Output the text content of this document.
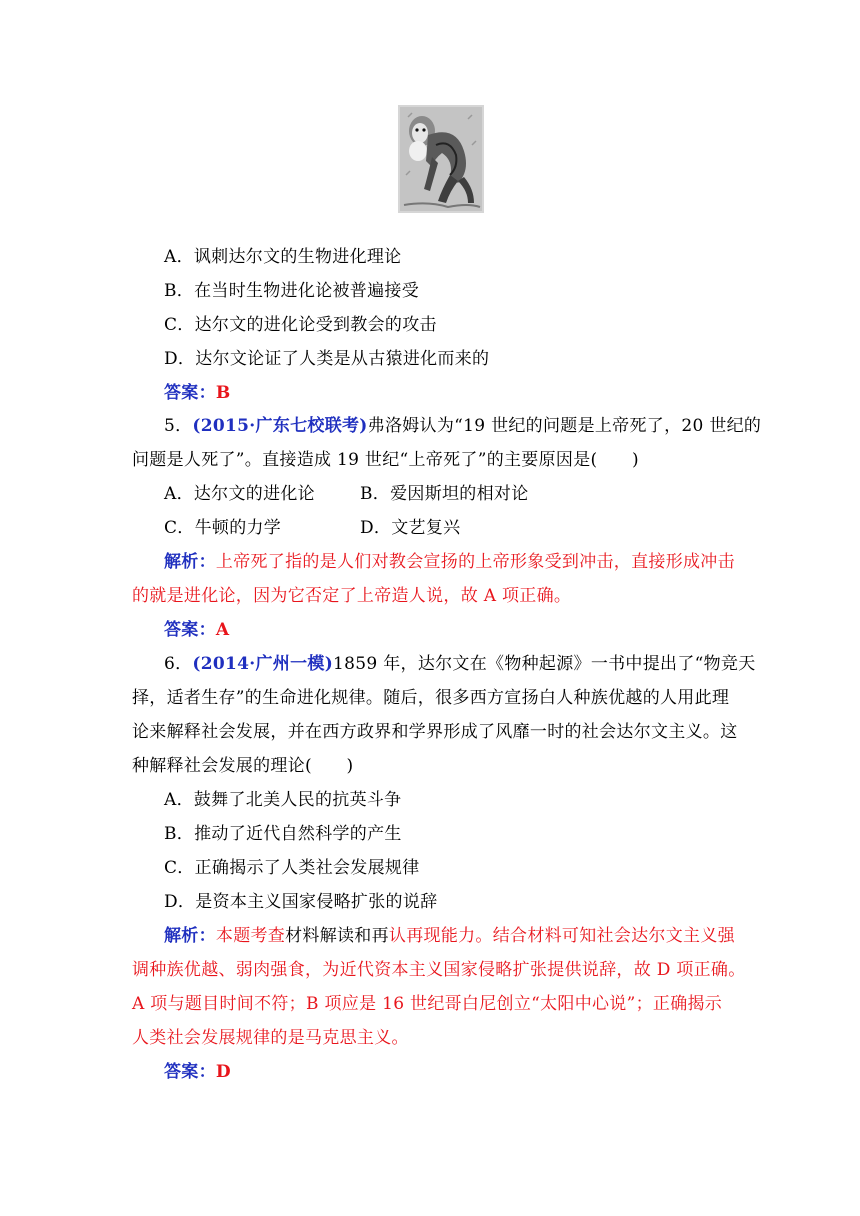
A．讽刺达尔文的生物进化理论
B．在当时生物进化论被普遍接受
C．达尔文的进化论受到教会的攻击
D．达尔文论证了人类是从古猿进化而来的
答案：B
5．(2015·广东七校联考)弗洛姆认为“19 世纪的问题是上帝死了，20 世纪的
问题是人死了”。直接造成 19 世纪“上帝死了”的主要原因是(　　)
A．达尔文的进化论	B．爱因斯坦的相对论
C．牛顿的力学	D．文艺复兴
解析：上帝死了指的是人们对教会宣扬的上帝形象受到冲击，直接形成冲击
的就是进化论，因为它否定了上帝造人说，故 A 项正确。
答案：A
6．(2014·广州一模)1859 年，达尔文在《物种起源》一书中提出了“物竞天
择，适者生存”的生命进化规律。随后，很多西方宣扬白人种族优越的人用此理
论来解释社会发展，并在西方政界和学界形成了风靡一时的社会达尔文主义。这
种解释社会发展的理论(　　)
A．鼓舞了北美人民的抗英斗争
B．推动了近代自然科学的产生
C．正确揭示了人类社会发展规律
D．是资本主义国家侵略扩张的说辞
解析：本题考查材料解读和再认再现能力。结合材料可知社会达尔文主义强
调种族优越、弱肉强食，为近代资本主义国家侵略扩张提供说辞，故 D 项正确。
A 项与题目时间不符；B 项应是 16 世纪哥白尼创立“太阳中心说”；正确揭示
人类社会发展规律的是马克思主义。
答案：D
